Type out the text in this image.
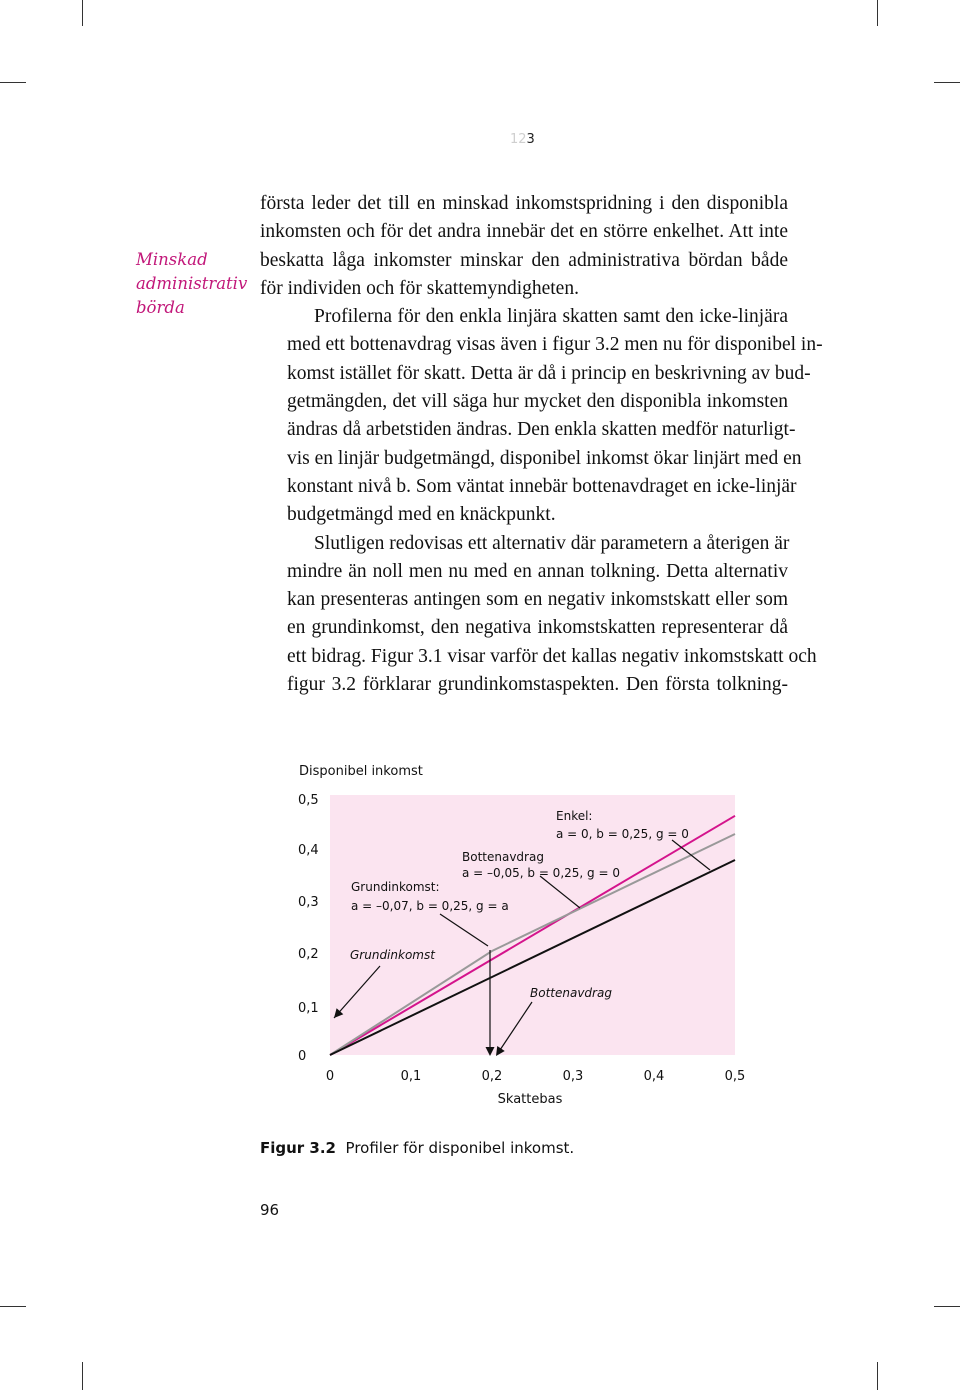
123
Minskad
administrativ
börda

första leder det till en minskad inkomstspridning i den disponibla
inkomsten och för det andra innebär det en större enkelhet. Att inte
beskatta låga inkomster minskar den administrativa bördan både
för individen och för skattemyndigheten.

Profilerna för den enkla linjära skatten samt den icke-linjära
med ett bottenavdrag visas även i figur 3.2 men nu för disponibel in-
komst istället för skatt. Detta är då i princip en beskrivning av bud-
getmängden, det vill säga hur mycket den disponibla inkomsten
ändras då arbetstiden ändras. Den enkla skatten medför naturligt-
vis en linjär budgetmängd, disponibel inkomst ökar linjärt med en
konstant nivå b. Som väntat innebär bottenavdraget en icke-linjär
budgetmängd med en knäckpunkt.

Slutligen redovisas ett alternativ där parametern a återigen är
mindre än noll men nu med en annan tolkning. Detta alternativ
kan presenteras antingen som en negativ inkomstskatt eller som
en grundinkomst, den negativa inkomstskatten representerar då
ett bidrag. Figur 3.1 visar varför det kallas negativ inkomstskatt och
figur 3.2 förklarar grundinkomstaspekten. Den första tolkning-

Disponibel inkomst
Skattebas
0
0,1
0,2
0,3
0,4
0,5
0	0,1	0,2	0,3	0,4	0,5
Enkel:
a = 0, b = 0,25, g = 0
Bottenavdrag
a = –0,05, b = 0,25, g = 0
Grundinkomst:
a = –0,07, b = 0,25, g = a
Grundinkomst
Bottenavdrag
Figur 3.2 Profiler för disponibel inkomst.
96
